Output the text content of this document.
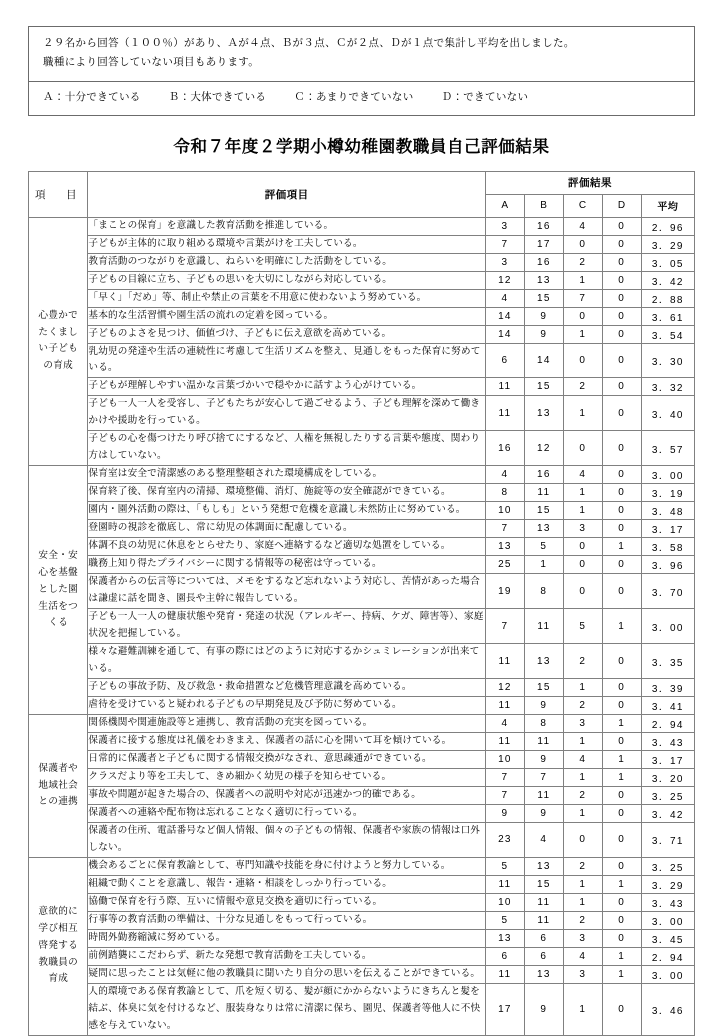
２９名から回答（１００％）があり、Ａが４点、Ｂが３点、Ｃが２点、Ｄが１点で集計し平均を出しました。
職種により回答していない項目もあります。
Ａ：十分できている	Ｂ：大体できている	Ｃ：あまりできていない	Ｄ：できていない
令和７年度２学期小樽幼稚園教職員自己評価結果
項　目	評価項目	評価結果				
		A	B	C	D	平均
心豊かで
たくまし
い子ども
の育成	「まことの保育」を意識した教育活動を推進している。	3	16	4	0	2．96
	子どもが主体的に取り組める環境や言葉がけを工夫している。	7	17	0	0	3．29
	教育活動のつながりを意識し、ねらいを明確にした活動をしている。	3	16	2	0	3．05
	子どもの目線に立ち、子どもの思いを大切にしながら対応している。	12	13	1	0	3．42
	「早く」「だめ」等、制止や禁止の言葉を不用意に使わないよう努めている。	4	15	7	0	2．88
	基本的な生活習慣や園生活の流れの定着を図っている。	14	9	0	0	3．61
	子どものよさを見つけ、価値づけ、子どもに伝え意欲を高めている。	14	9	1	0	3．54
	乳幼児の発達や生活の連続性に考慮して生活リズムを整え、見通しをもった保育に努めている。	6	14	0	0	3．30
	子どもが理解しやすい温かな言葉づかいで穏やかに話すよう心がけている。	11	15	2	0	3．32
	子ども一人一人を受容し、子どもたちが安心して過ごせるよう、子ども理解を深めて働きかけや援助を行っている。	11	13	1	0	3．40
	子どもの心を傷つけたり呼び捨てにするなど、人権を無視したりする言葉や態度、関わり方はしていない。	16	12	0	0	3．57
安全・安
心を基盤
とした園
生活をつ
くる	保育室は安全で清潔感のある整理整頓された環境構成をしている。	4	16	4	0	3．00
	保育終了後、保育室内の清掃、環境整備、消灯、施錠等の安全確認ができている。	8	11	1	0	3．19
	園内・園外活動の際は、「もしも」という発想で危機を意識し未然防止に努めている。	10	15	1	0	3．48
	登園時の視診を徹底し、常に幼児の体調面に配慮している。	7	13	3	0	3．17
	体調不良の幼児に休息をとらせたり、家庭へ連絡するなど適切な処置をしている。	13	5	0	1	3．58
	職務上知り得たプライバシーに関する情報等の秘密は守っている。	25	1	0	0	3．96
	保護者からの伝言等については、メモをするなど忘れないよう対応し、苦情があった場合は謙虚に話を聞き、園長や主幹に報告している。	19	8	0	0	3．70
	子ども一人一人の健康状態や発育・発達の状況（アレルギー、持病、ケガ、障害等）、家庭状況を把握している。	7	11	5	1	3．00
	様々な避難訓練を通して、有事の際にはどのように対応するかシュミレーションが出来ている。	11	13	2	0	3．35
	子どもの事故予防、及び救急・救命措置など危機管理意識を高めている。	12	15	1	0	3．39
	虐待を受けていると疑われる子どもの早期発見及び予防に努めている。	11	9	2	0	3．41
保護者や
地域社会
との連携	関係機関や関連施設等と連携し、教育活動の充実を図っている。	4	8	3	1	2．94
	保護者に接する態度は礼儀をわきまえ、保護者の話に心を開いて耳を傾けている。	11	11	1	0	3．43
	日常的に保護者と子どもに関する情報交換がなされ、意思疎通ができている。	10	9	4	1	3．17
	クラスだより等を工夫して、きめ細かく幼児の様子を知らせている。	7	7	1	1	3．20
	事故や問題が起きた場合の、保護者への説明や対応が迅速かつ的確である。	7	11	2	0	3．25
	保護者への連絡や配布物は忘れることなく適切に行っている。	9	9	1	0	3．42
	保護者の住所、電話番号など個人情報、個々の子どもの情報、保護者や家族の情報は口外しない。	23	4	0	0	3．71
意欲的に
学び相互
啓発する
教職員の
育成	機会あるごとに保育教諭として、専門知識や技能を身に付けようと努力している。	5	13	2	0	3．25
	組織で動くことを意識し、報告・連絡・相談をしっかり行っている。	11	15	1	1	3．29
	協働で保育を行う際、互いに情報や意見交換を適切に行っている。	10	11	1	0	3．43
	行事等の教育活動の準備は、十分な見通しをもって行っている。	5	11	2	0	3．00
	時間外勤務縮減に努めている。	13	6	3	0	3．45
	前例踏襲にこだわらず、新たな発想で教育活動を工夫している。	6	6	4	1	2．94
	疑問に思ったことは気軽に他の教職員に聞いたり自分の思いを伝えることができている。	11	13	3	1	3．00
	人的環境である保育教諭として、爪を短く切る、髪が顔にかからないようにきちんと髪を結ぶ、体臭に気を付けるなど、服装身なりは常に清潔に保ち、園児、保護者等他人に不快感を与えていない。	17	9	1	0	3．46
